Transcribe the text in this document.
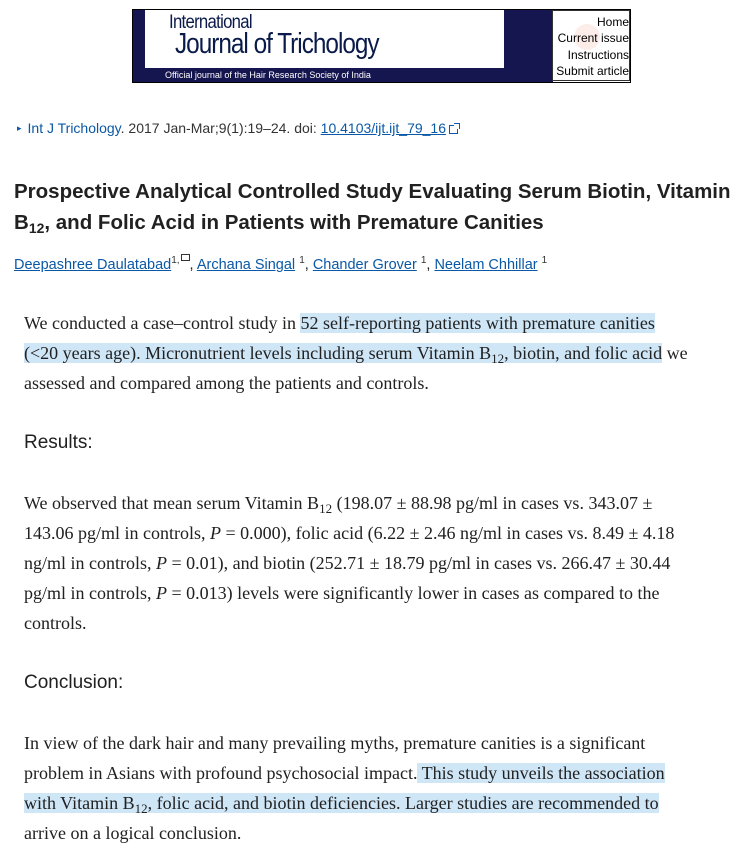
International
Journal of Trichology
Official journal of the Hair Research Society of India
Home
Current issue
Instructions
Submit article
▸ Int J Trichology. 2017 Jan-Mar;9(1):19–24. doi: 10.4103/ijt.ijt_79_16
Prospective Analytical Controlled Study Evaluating Serum Biotin, Vitamin
$B_{12}$, and Folic Acid in Patients with Premature Canities
Deepashree Daulatabad$^{1,}$ , Archana Singal $^1$, Chander Grover $^1$, Neelam Chhillar $^1$

We conducted a case–control study in 52 self-reporting patients with premature canities

(<20 years age). Micronutrient levels including serum Vitamin $B_{12}$, biotin, and folic acid we

assessed and compared among the patients and controls.

Results:

We observed that mean serum Vitamin $B_{12}$ (198.07 ± 88.98 pg/ml in cases vs. 343.07 ±

143.06 pg/ml in controls, P = 0.000), folic acid (6.22 ± 2.46 ng/ml in cases vs. 8.49 ± 4.18

ng/ml in controls, P = 0.01), and biotin (252.71 ± 18.79 pg/ml in cases vs. 266.47 ± 30.44

pg/ml in controls, P = 0.013) levels were significantly lower in cases as compared to the

controls.

Conclusion:

In view of the dark hair and many prevailing myths, premature canities is a significant

problem in Asians with profound psychosocial impact. This study unveils the association

with Vitamin $B_{12}$, folic acid, and biotin deficiencies. Larger studies are recommended to

arrive on a logical conclusion.
